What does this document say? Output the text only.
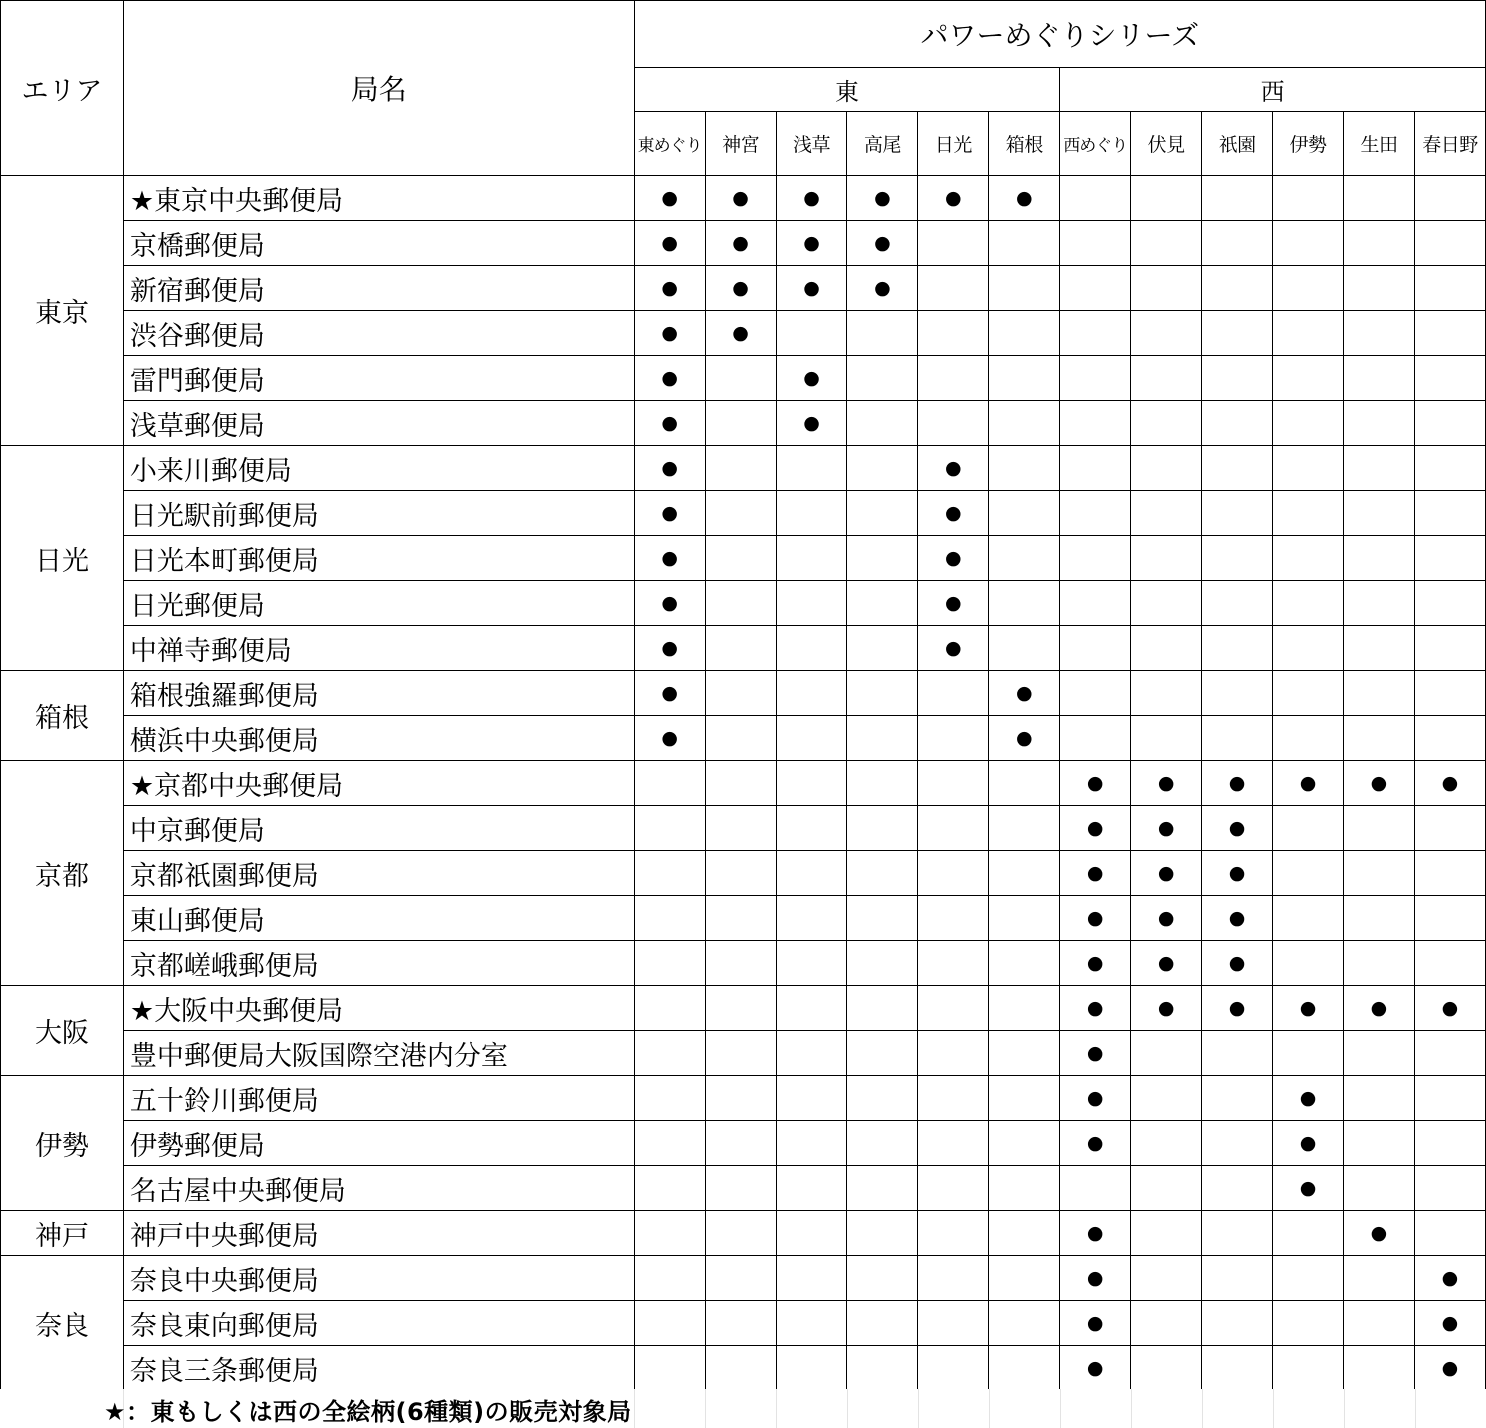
エリア	局名	パワーめぐりシリーズ											
		東						西					
		東めぐり	神宮	浅草	高尾	日光	箱根	西めぐり	伏見	祇園	伊勢	生田	春日野
東京	★東京中央郵便局	●	●	●	●	●	●						
	京橋郵便局	●	●	●	●								
	新宿郵便局	●	●	●	●								
	渋谷郵便局	●	●										
	雷門郵便局	●		●									
	浅草郵便局	●		●									
日光	小来川郵便局	●				●							
	日光駅前郵便局	●				●							
	日光本町郵便局	●				●							
	日光郵便局	●				●							
	中禅寺郵便局	●				●							
箱根	箱根強羅郵便局	●					●						
	横浜中央郵便局	●					●						
京都	★京都中央郵便局							●	●	●	●	●	●
	中京郵便局							●	●	●			
	京都祇園郵便局							●	●	●			
	東山郵便局							●	●	●			
	京都嵯峨郵便局							●	●	●			
大阪	★大阪中央郵便局							●	●	●	●	●	●
	豊中郵便局大阪国際空港内分室							●					
伊勢	五十鈴川郵便局							●			●		
	伊勢郵便局							●			●		
	名古屋中央郵便局										●		
神戸	神戸中央郵便局							●				●	
奈良	奈良中央郵便局							●					●
	奈良東向郵便局							●					●
	奈良三条郵便局							●					●
★：東もしくは西の全絵柄(6種類)の販売対象局
